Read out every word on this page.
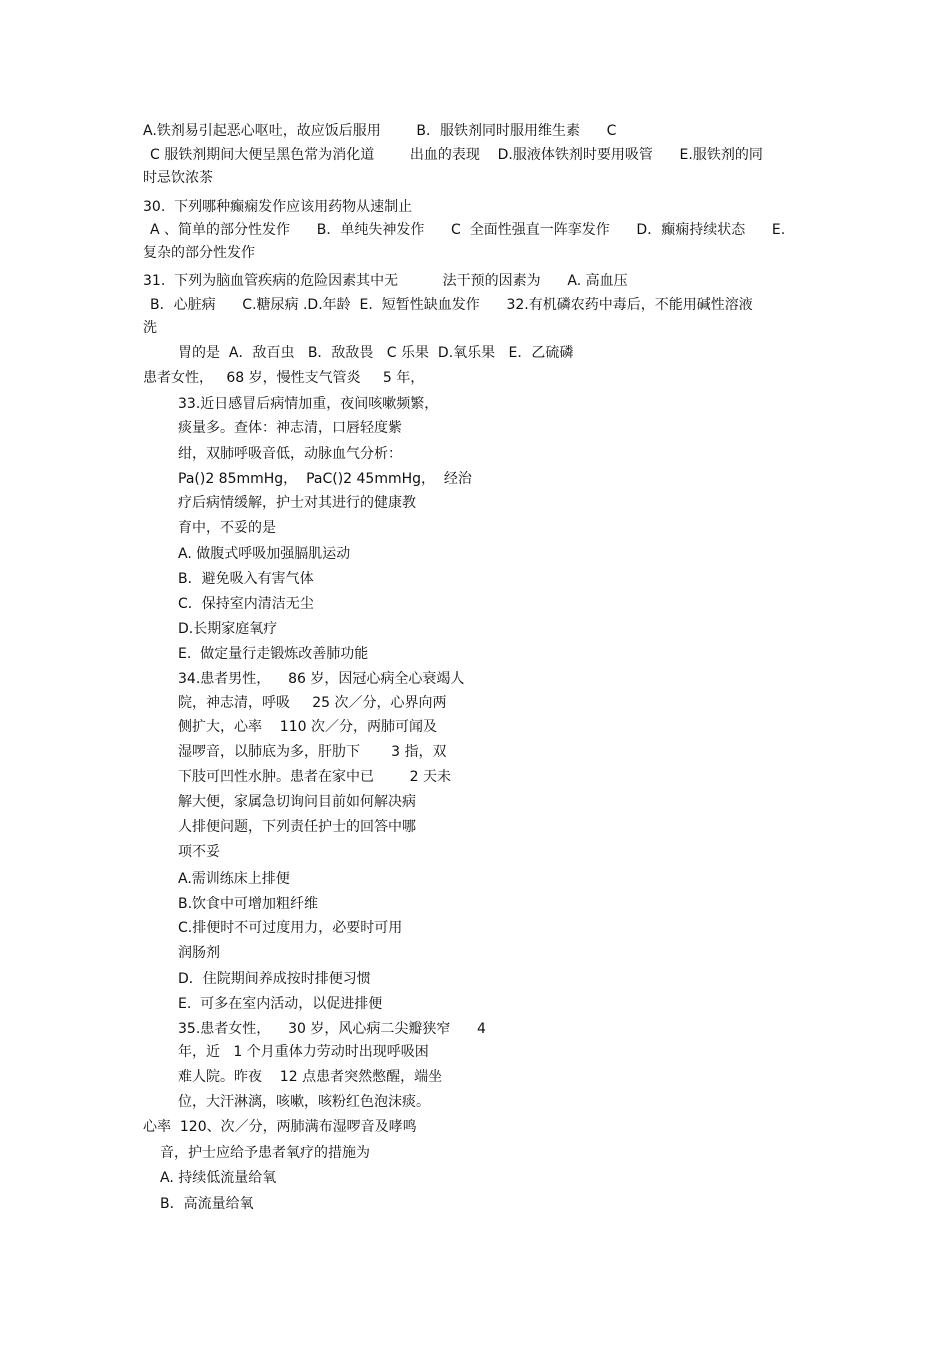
A.铁剂易引起恶心呕吐，故应饭后服用        B．服铁剂同时服用维生素      C
C 服铁剂期间大便呈黑色常为消化道        出血的表现    D.服液体铁剂时要用吸管      E.服铁剂的同
时忌饮浓茶
30.  下列哪种癫痫发作应该用药物从速制止
A 、简单的部分性发作      B．单纯失神发作      C  全面性强直一阵挛发作      D．癫痫持续状态      E.
复杂的部分性发作
31.  下列为脑血管疾病的危险因素其中无          法干预的因素为      A. 高血压
B．心脏病      C.糖尿病 .D.年龄  E.  短暂性缺血发作      32.有机磷农药中毒后，不能用碱性溶液
洗
胃的是  A．敌百虫   B．敌敌畏   C 乐果  D.氧乐果   E．乙硫磷
患者女性，   68 岁，慢性支气管炎     5 年，
33.近日感冒后病情加重，夜间咳嗽频繁，
痰量多。查体：神志清，口唇轻度紫
绀，双肺呼吸音低，动脉血气分析：
Pa()2 85mmHg，  PaC()2 45mmHg，  经治
疗后病情缓解，护士对其进行的健康教
育中，不妥的是
A. 做腹式呼吸加强膈肌运动
B．避免吸入有害气体
C．保持室内清洁无尘
D.长期家庭氧疗
E.  做定量行走锻炼改善肺功能
34.患者男性，    86 岁，因冠心病全心衰竭人
院，神志清，呼吸     25 次／分，心界向两
侧扩大，心率    110 次／分，两肺可闻及
湿啰音，以肺底为多，肝肋下       3 指，双
下肢可凹性水肿。患者在家中已        2 天未
解大便，家属急切询问目前如何解决病
人排便问题，下列责任护士的回答中哪
项不妥
A.需训练床上排便
B.饮食中可增加粗纤维
C.排便时不可过度用力，必要时可用
润肠剂
D．住院期间养成按时排便习惯
E.  可多在室内活动，以促进排便
35.患者女性，    30 岁，风心病二尖瓣狭窄      4
年，近   1 个月重体力劳动时出现呼吸困
难人院。昨夜    12 点患者突然憋醒，端坐
位，大汗淋漓，咳嗽，咳粉红色泡沫痰。
心率  120、次／分，两肺满布湿啰音及哮鸣
音，护士应给予患者氧疗的措施为
A. 持续低流量给氧
B．高流量给氧
